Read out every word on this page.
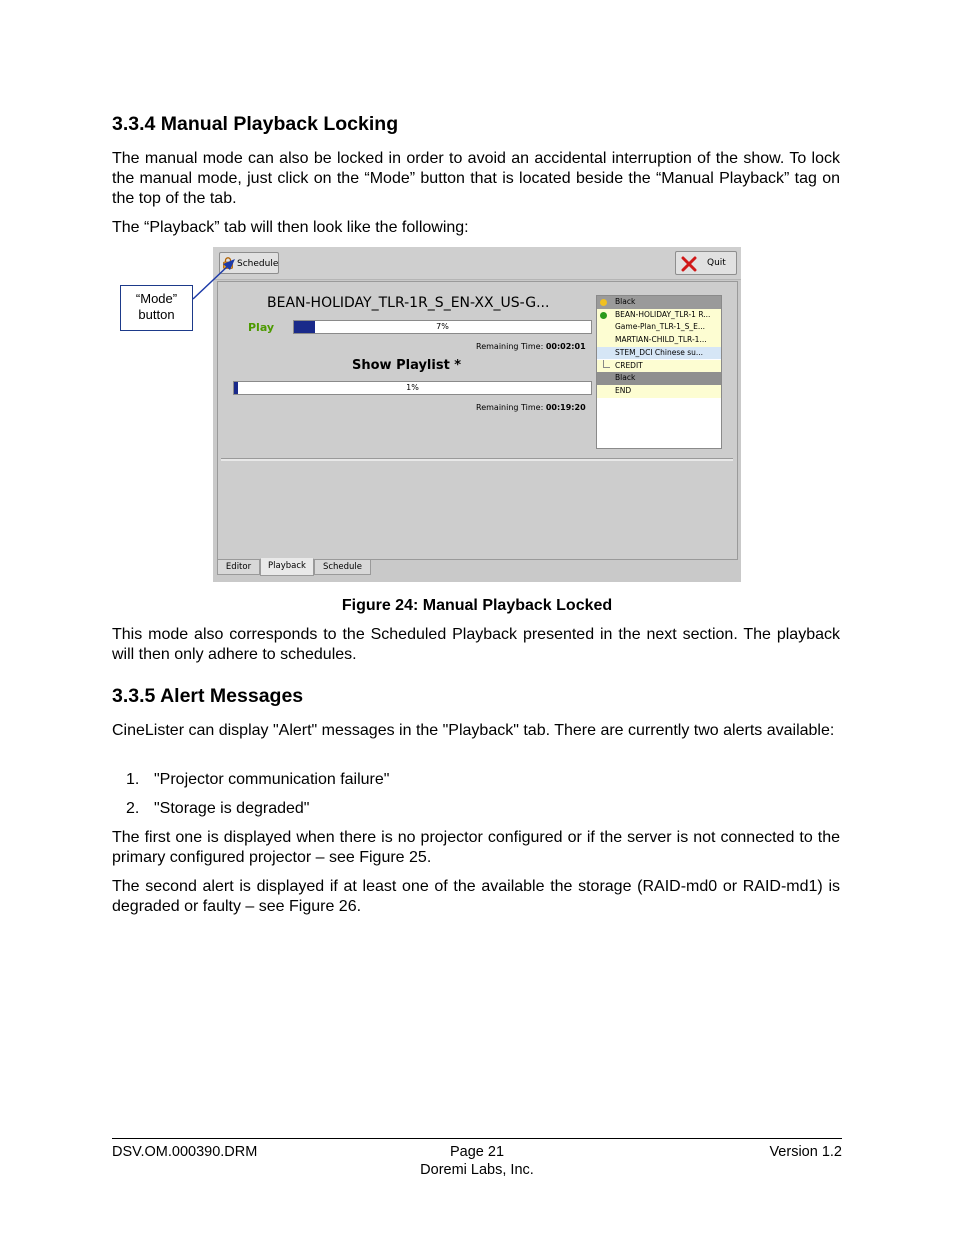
3.3.4 Manual Playback Locking

The manual mode can also be locked in order to avoid an accidental interruption of the show. To lock the manual mode, just click on the “Mode” button that is located beside the “Manual Playback” tag on the top of the tab.

The “Playback” tab will then look like the following:

Schedule	Quit
BEAN-HOLIDAY_TLR-1R_S_EN-XX_US-G...
Play	7%
Remaining Time: 00:02:01
Show Playlist *
1%
Remaining Time: 00:19:20
Black
BEAN-HOLIDAY_TLR-1 R...
Game-Plan_TLR-1_S_E...
MARTIAN-CHILD_TLR-1...
STEM_DCI Chinese su...
CREDIT
Black
END
Editor	Playback	Schedule
“Mode” button
Figure 24: Manual Playback Locked

This mode also corresponds to the Scheduled Playback presented in the next section. The playback will then only adhere to schedules.

3.3.5 Alert Messages

CineLister can display "Alert" messages in the "Playback" tab. There are currently two alerts available:

1. "Projector communication failure"
2. "Storage is degraded"

The first one is displayed when there is no projector configured or if the server is not connected to the primary configured projector – see Figure 25.

The second alert is displayed if at least one of the available the storage (RAID-md0 or RAID-md1) is degraded or faulty – see Figure 26.

DSV.OM.000390.DRM	Page 21
Doremi Labs, Inc.
Version 1.2
